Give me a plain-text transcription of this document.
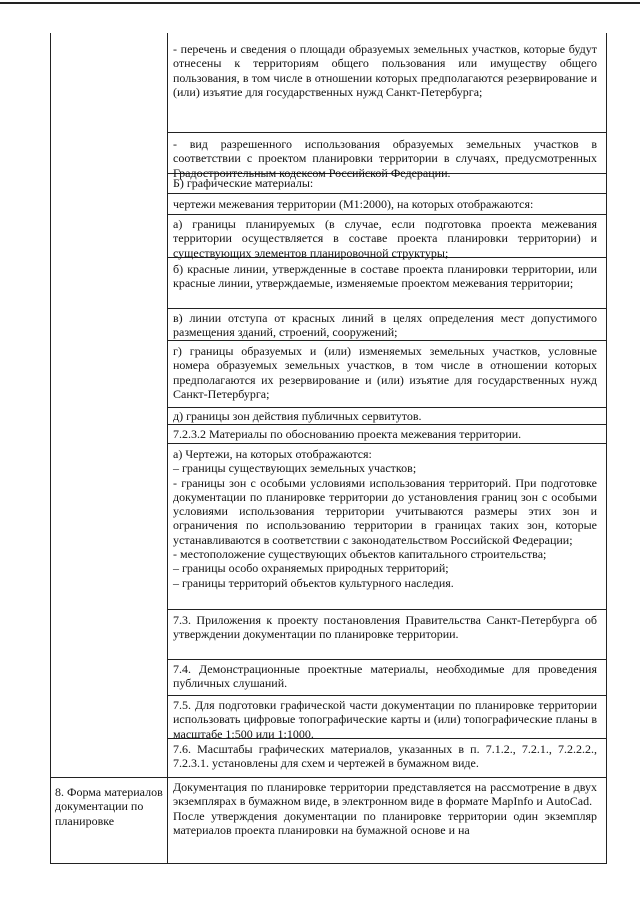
8. Форма материалов документации по планировке

- перечень и сведения о площади образуемых земельных участков, которые будут отнесены к территориям общего пользования или имуществу общего пользования, в том числе в отношении которых предполагаются резервирование и (или) изъятие для государственных нужд Санкт-Петербурга;

- вид разрешенного использования образуемых земельных участков в соответствии с проектом планировки территории в случаях, предусмотренных Градостроительным кодексом Российской Федерации.

Б) графические материалы:

чертежи межевания территории (М1:2000), на которых отображаются:

а) границы планируемых (в случае, если подготовка проекта межевания территории осуществляется в составе проекта планировки территории) и существующих элементов планировочной структуры;

б) красные линии, утвержденные в составе проекта планировки территории, или красные линии, утверждаемые, изменяемые проектом межевания территории;

в) линии отступа от красных линий в целях определения мест допустимого размещения зданий, строений, сооружений;

г) границы образуемых и (или) изменяемых земельных участков, условные номера образуемых земельных участков, в том числе в отношении которых предполагаются их резервирование и (или) изъятие для государственных нужд Санкт-Петербурга;

д) границы зон действия публичных сервитутов.

7.2.3.2 Материалы по обоснованию проекта межевания территории.

а) Чертежи, на которых отображаются:
– границы существующих земельных участков;
- границы зон с особыми условиями использования территорий. При подготовке документации по планировке территории до установления границ зон с особыми условиями использования территории учитываются размеры этих зон и ограничения по использованию территории в границах таких зон, которые устанавливаются в соответствии с законодательством Российской Федерации;
- местоположение существующих объектов капитального строительства;
– границы особо охраняемых природных территорий;
– границы территорий объектов культурного наследия.

7.3. Приложения к проекту постановления Правительства Санкт-Петербурга об утверждении документации по планировке территории.

7.4. Демонстрационные проектные материалы, необходимые для проведения публичных слушаний.

7.5. Для подготовки графической части документации по планировке территории использовать цифровые топографические карты и (или) топографические планы в масштабе 1:500 или 1:1000.

7.6. Масштабы графических материалов, указанных в п. 7.1.2., 7.2.1., 7.2.2.2., 7.2.3.1. установлены для схем и чертежей в бумажном виде.

Документация по планировке территории представляется на рассмотрение в двух экземплярах в бумажном виде, в электронном виде в формате MapInfo и AutoCad.
После утверждения документации по планировке территории один экземпляр материалов проекта планировки на бумажной основе и на
